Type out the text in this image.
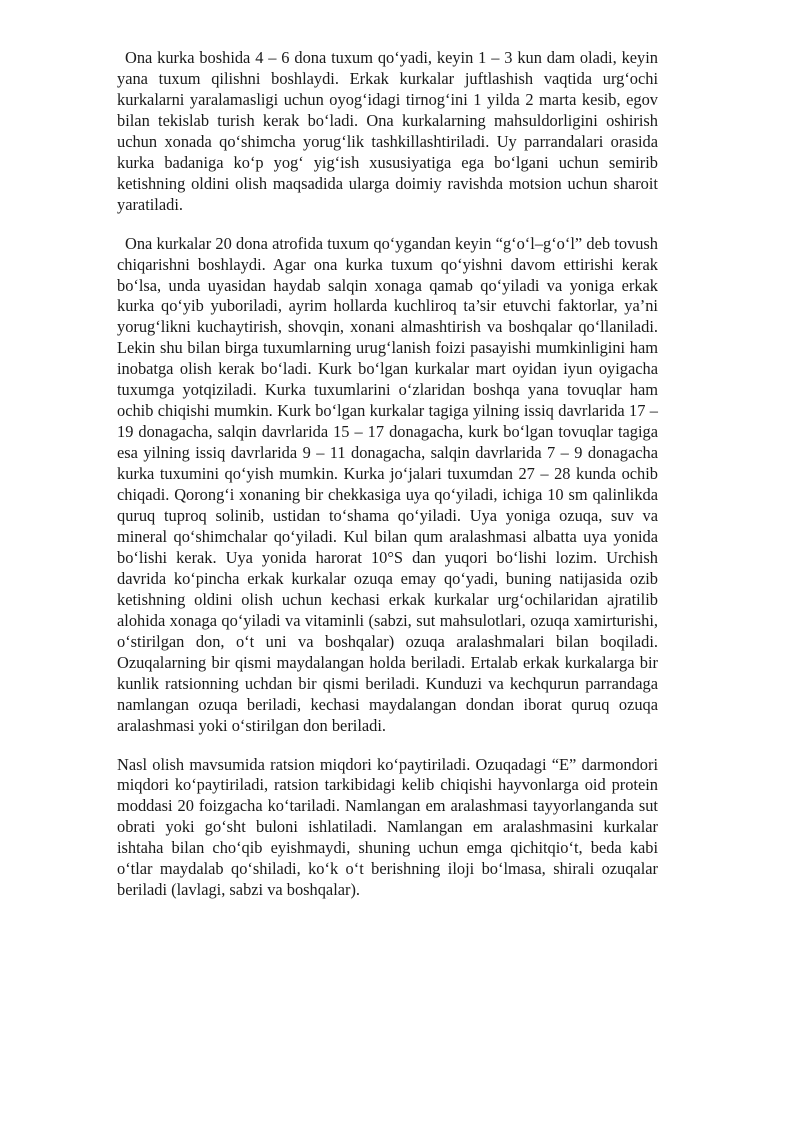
Ona kurka boshida 4 – 6 dona tuxum qo‘yadi, keyin 1 – 3 kun dam oladi, keyin yana tuxum qilishni boshlaydi. Erkak kurkalar juftlashish vaqtida urg‘ochi kurkalarni yaralamasligi uchun oyog‘idagi tirnog‘ini 1 yilda 2 marta kesib, egov bilan tekislab turish kerak bo‘ladi. Ona kurkalarning mahsuldorligini oshirish uchun xonada qo‘shimcha yorug‘lik tashkillashtiriladi. Uy parrandalari orasida kurka badaniga ko‘p yog‘ yig‘ish xususiyatiga ega bo‘lgani uchun semirib ketishning oldini olish maqsadida ularga doimiy ravishda motsion uchun sharoit yaratiladi.

Ona kurkalar 20 dona atrofida tuxum qo‘ygandan keyin “g‘o‘l–g‘o‘l” deb tovush chiqarishni boshlaydi. Agar ona kurka tuxum qo‘yishni davom ettirishi kerak bo‘lsa, unda uyasidan haydab salqin xonaga qamab qo‘yiladi va yoniga erkak kurka qo‘yib yuboriladi, ayrim hollarda kuchliroq ta’sir etuvchi faktorlar, ya’ni yorug‘likni kuchaytirish, shovqin, xonani almashtirish va boshqalar qo‘llaniladi. Lekin shu bilan birga tuxumlarning urug‘lanish foizi pasayishi mumkinligini ham inobatga olish kerak bo‘ladi. Kurk bo‘lgan kurkalar mart oyidan iyun oyigacha tuxumga yotqiziladi. Kurka tuxumlarini o‘zlaridan boshqa yana tovuqlar ham ochib chiqishi mumkin. Kurk bo‘lgan kurkalar tagiga yilning issiq davrlarida 17 – 19 donagacha, salqin davrlarida 15 – 17 donagacha, kurk bo‘lgan tovuqlar tagiga esa yilning issiq davrlarida 9 – 11 donagacha, salqin davrlarida 7 – 9 donagacha kurka tuxumini qo‘yish mumkin. Kurka jo‘jalari tuxumdan 27 – 28 kunda ochib chiqadi. Qorong‘i xonaning bir chekkasiga uya qo‘yiladi, ichiga 10 sm qalinlikda quruq tuproq solinib, ustidan to‘shama qo‘yiladi. Uya yoniga ozuqa, suv va mineral qo‘shimchalar qo‘yiladi. Kul bilan qum aralashmasi albatta uya yonida bo‘lishi kerak. Uya yonida harorat 10°S dan yuqori bo‘lishi lozim. Urchish davrida ko‘pincha erkak kurkalar ozuqa emay qo‘yadi, buning natijasida ozib ketishning oldini olish uchun kechasi erkak kurkalar urg‘ochilaridan ajratilib alohida xonaga qo‘yiladi va vitaminli (sabzi, sut mahsulotlari, ozuqa xamirturishi, o‘stirilgan don, o‘t uni va boshqalar) ozuqa aralashmalari bilan boqiladi. Ozuqalarning bir qismi maydalangan holda beriladi. Ertalab erkak kurkalarga bir kunlik ratsionning uchdan bir qismi beriladi. Kunduzi va kechqurun parrandaga namlangan ozuqa beriladi, kechasi maydalangan dondan iborat quruq ozuqa aralashmasi yoki o‘stirilgan don beriladi.

Nasl olish mavsumida ratsion miqdori ko‘paytiriladi. Ozuqadagi “E” darmondori miqdori ko‘paytiriladi, ratsion tarkibidagi kelib chiqishi hayvonlarga oid protein moddasi 20 foizgacha ko‘tariladi. Namlangan em aralashmasi tayyorlanganda sut obrati yoki go‘sht buloni ishlatiladi. Namlangan em aralashmasini kurkalar ishtaha bilan cho‘qib eyishmaydi, shuning uchun emga qichitqio‘t, beda kabi o‘tlar maydalab qo‘shiladi, ko‘k o‘t berishning iloji bo‘lmasa, shirali ozuqalar beriladi (lavlagi, sabzi va boshqalar).
